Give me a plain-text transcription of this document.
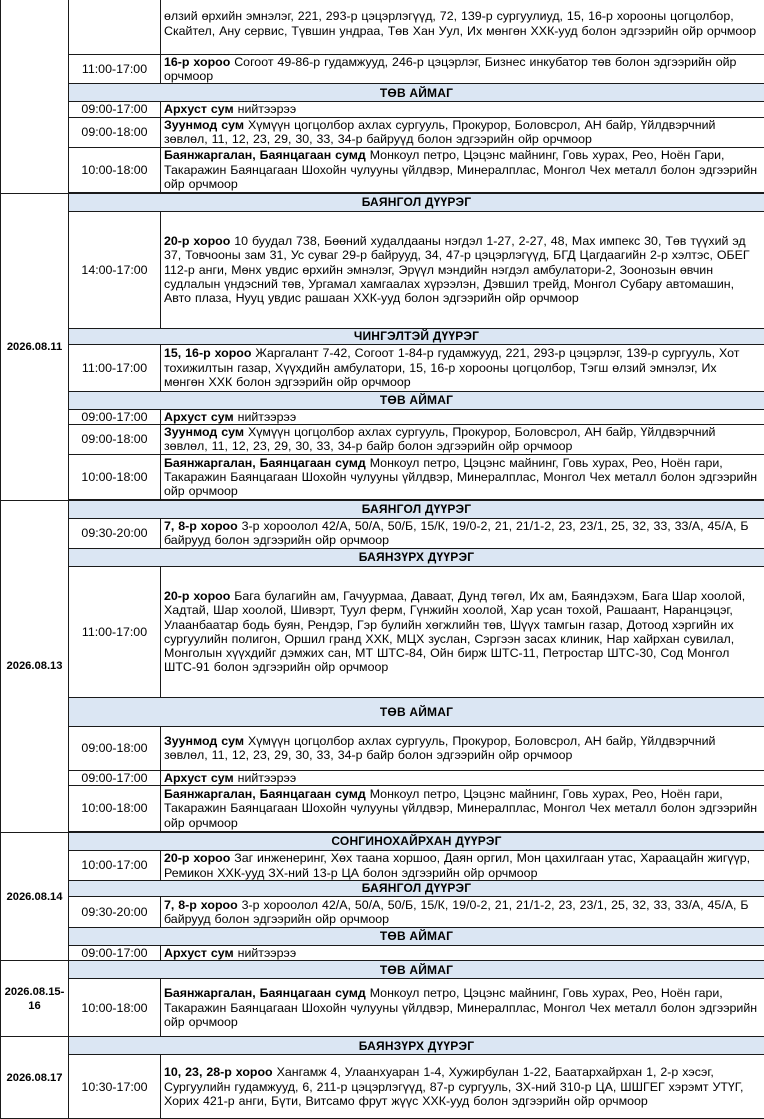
		өлзий өрхийн эмнэлэг, 221, 293-р цэцэрлэгүүд, 72, 139-р сургуулиуд, 15, 16-р хорооны цогцолбор, Скайтел, Ану сервис, Түвшин ундраа, Төв Хан Уул, Их мөнгөн ХХК-ууд болон эдгээрийн ойр орчмоор
	11:00-17:00	16-р хороо Согоот 49-86-р гудамжууд, 246-р цэцэрлэг, Бизнес инкубатор төв болон эдгээрийн ойр орчмоор
	ТӨВ АЙМАГ	
	09:00-17:00	Архуст сум нийтээрээ
	09:00-18:00	Зуунмод сум Хүмүүн цогцолбор ахлах сургууль, Прокурор, Боловсрол, АН байр, Үйлдвэрчний зөвлөл, 11, 12, 23, 29, 30, 33, 34-р байруүд болон эдгээрийн ойр орчмоор
	10:00-18:00	Баянжаргалан, Баянцагаан сумд Монкоул петро, Цэцэнс майнинг, Говь хурах, Рео, Ноён Гари, Такаражин Баянцагаан Шохойн чулууны үйлдвэр, Минералплас, Монгол Чех металл болон эдгээрийн ойр орчмоор

2026.08.11	БАЯНГОЛ ДҮҮРЭГ	
	14:00-17:00	20-р хороо 10 буудал 738, Бөөний худалдааны нэгдэл 1-27, 2-27, 48, Мах импекс 30, Төв түүхий эд 37, Товчооны зам 31, Ус суваг 29-р байрууд, 34, 47-р цэцэрлэгүүд, БГД Цагдаагийн 2-р хэлтэс, ОБЕГ 112-р анги, Мөнх увдис өрхийн эмнэлэг, Эрүүл мэндийн нэгдэл амбулатори-2, Зоонозын өвчин судлалын үндэсний төв, Ургамал хамгаалах хүрээлэн, Дэвшил трейд, Монгол Субару автомашин, Авто плаза, Нууц увдис рашаан ХХК-ууд болон эдгээрийн ойр орчмоор
	ЧИНГЭЛТЭЙ ДҮҮРЭГ	
	11:00-17:00	15, 16-р хороо Жаргалант 7-42, Согоот 1-84-р гудамжууд, 221, 293-р цэцэрлэг, 139-р сургууль, Хот тохижилтын газар, Хүүхдийн амбулатори, 15, 16-р хорооны цогцолбор, Тэгш өлзий эмнэлэг, Их мөнгөн ХХК болон эдгээрийн ойр орчмоор
	ТӨВ АЙМАГ	
	09:00-17:00	Архуст сум нийтээрээ
	09:00-18:00	Зуунмод сум Хүмүүн цогцолбор ахлах сургууль, Прокурор, Боловсрол, АН байр, Үйлдвэрчний зөвлөл, 11, 12, 23, 29, 30, 33, 34-р байр болон эдгээрийн ойр орчмоор
	10:00-18:00	Баянжаргалан, Баянцагаан сумд Монкоул петро, Цэцэнс майнинг, Говь хурах, Рео, Ноён гари, Такаражин Баянцагаан Шохойн чулууны үйлдвэр, Минералплас, Монгол Чех металл болон эдгээрийн ойр орчмоор

2026.08.13	БАЯНГОЛ ДҮҮРЭГ	
	09:30-20:00	7, 8-р хороо 3-р хороолол 42/А, 50/А, 50/Б, 15/К, 19/0-2, 21, 21/1-2, 23, 23/1, 25, 32, 33, 33/А, 45/А, Б байрууд болон эдгээрийн ойр орчмоор
	БАЯНЗҮРХ ДҮҮРЭГ	
	11:00-17:00	20-р хороо Бага булагийн ам, Гачуурмаа, Даваат, Дунд төгөл, Их ам, Баяндэхэм, Бага Шар хоолой, Хадтай, Шар хоолой, Шивэрт, Туул ферм, Гүнжийн хоолой, Хар усан тохой, Рашаант, Наранцэцэг, Улаанбаатар бодь буян, Рендэр, Гэр булийн хөгжлийн төв, Шүүх тамгын газар, Дотоод хэргийн их сургуулийн полигон, Оршил гранд ХХК, МЦХ зуслан, Сэргээн засах клиник, Нар хайрхан сувилал, Монголын хүүхдийг дэмжих сан, МТ ШТС-84, Ойн бирж ШТС-11, Петростар ШТС-30, Сод Монгол ШТС-91 болон эдгээрийн ойр орчмоор
	ТӨВ АЙМАГ	
	09:00-18:00	Зуунмод сум Хүмүүн цогцолбор ахлах сургууль, Прокурор, Боловсрол, АН байр, Үйлдвэрчний зөвлөл, 11, 12, 23, 29, 30, 33, 34-р байр болон эдгээрийн ойр орчмоор
	09:00-17:00	Архуст сум нийтээрээ
	10:00-18:00	Баянжаргалан, Баянцагаан сумд Монкоул петро, Цэцэнс майнинг, Говь хурах, Рео, Ноён гари, Такаражин Баянцагаан Шохойн чулууны үйлдвэр, Минералплас, Монгол Чех металл болон эдгээрийн ойр орчмоор

2026.08.14	СОНГИНОХАЙРХАН ДҮҮРЭГ	
	10:00-17:00	20-р хороо Заг инженеринг, Хөх таана хоршоо, Даян оргил, Мон цахилгаан утас, Хараацайн жигүүр, Ремикон ХХК-ууд ЗХ-ний 13-р ЦА болон эдгээрийн ойр орчмоор
	БАЯНГОЛ ДҮҮРЭГ	
	09:30-20:00	7, 8-р хороо 3-р хороолол 42/А, 50/А, 50/Б, 15/К, 19/0-2, 21, 21/1-2, 23, 23/1, 25, 32, 33, 33/А, 45/А, Б байрууд болон эдгээрийн ойр орчмоор
	ТӨВ АЙМАГ	
	09:00-17:00	Архуст сум нийтээрээ
2026.08.15-16	ТӨВ АЙМАГ	
	10:00-18:00	Баянжаргалан, Баянцагаан сумд Монкоул петро, Цэцэнс майнинг, Говь хурах, Рео, Ноён гари, Такаражин Баянцагаан Шохойн чулууны үйлдвэр, Минералплас, Монгол Чех металл болон эдгээрийн ойр орчмоор
2026.08.17	БАЯНЗҮРХ ДҮҮРЭГ	
	10:30-17:00	10, 23, 28-р хороо Хангамж 4, Улаанхуаран 1-4, Хужирбулан 1-22, Баатархайрхан 1, 2-р хэсэг, Сургуулийн гудамжууд, 6, 211-р цэцэрлэгүүд, 87-р сургууль, ЗХ-ний 310-р ЦА, ШШГЕГ хэрэмт УТҮГ, Хорих 421-р анги, Бүти, Витсамо фрут жүүс ХХК-ууд болон эдгээрийн ойр орчмоор
